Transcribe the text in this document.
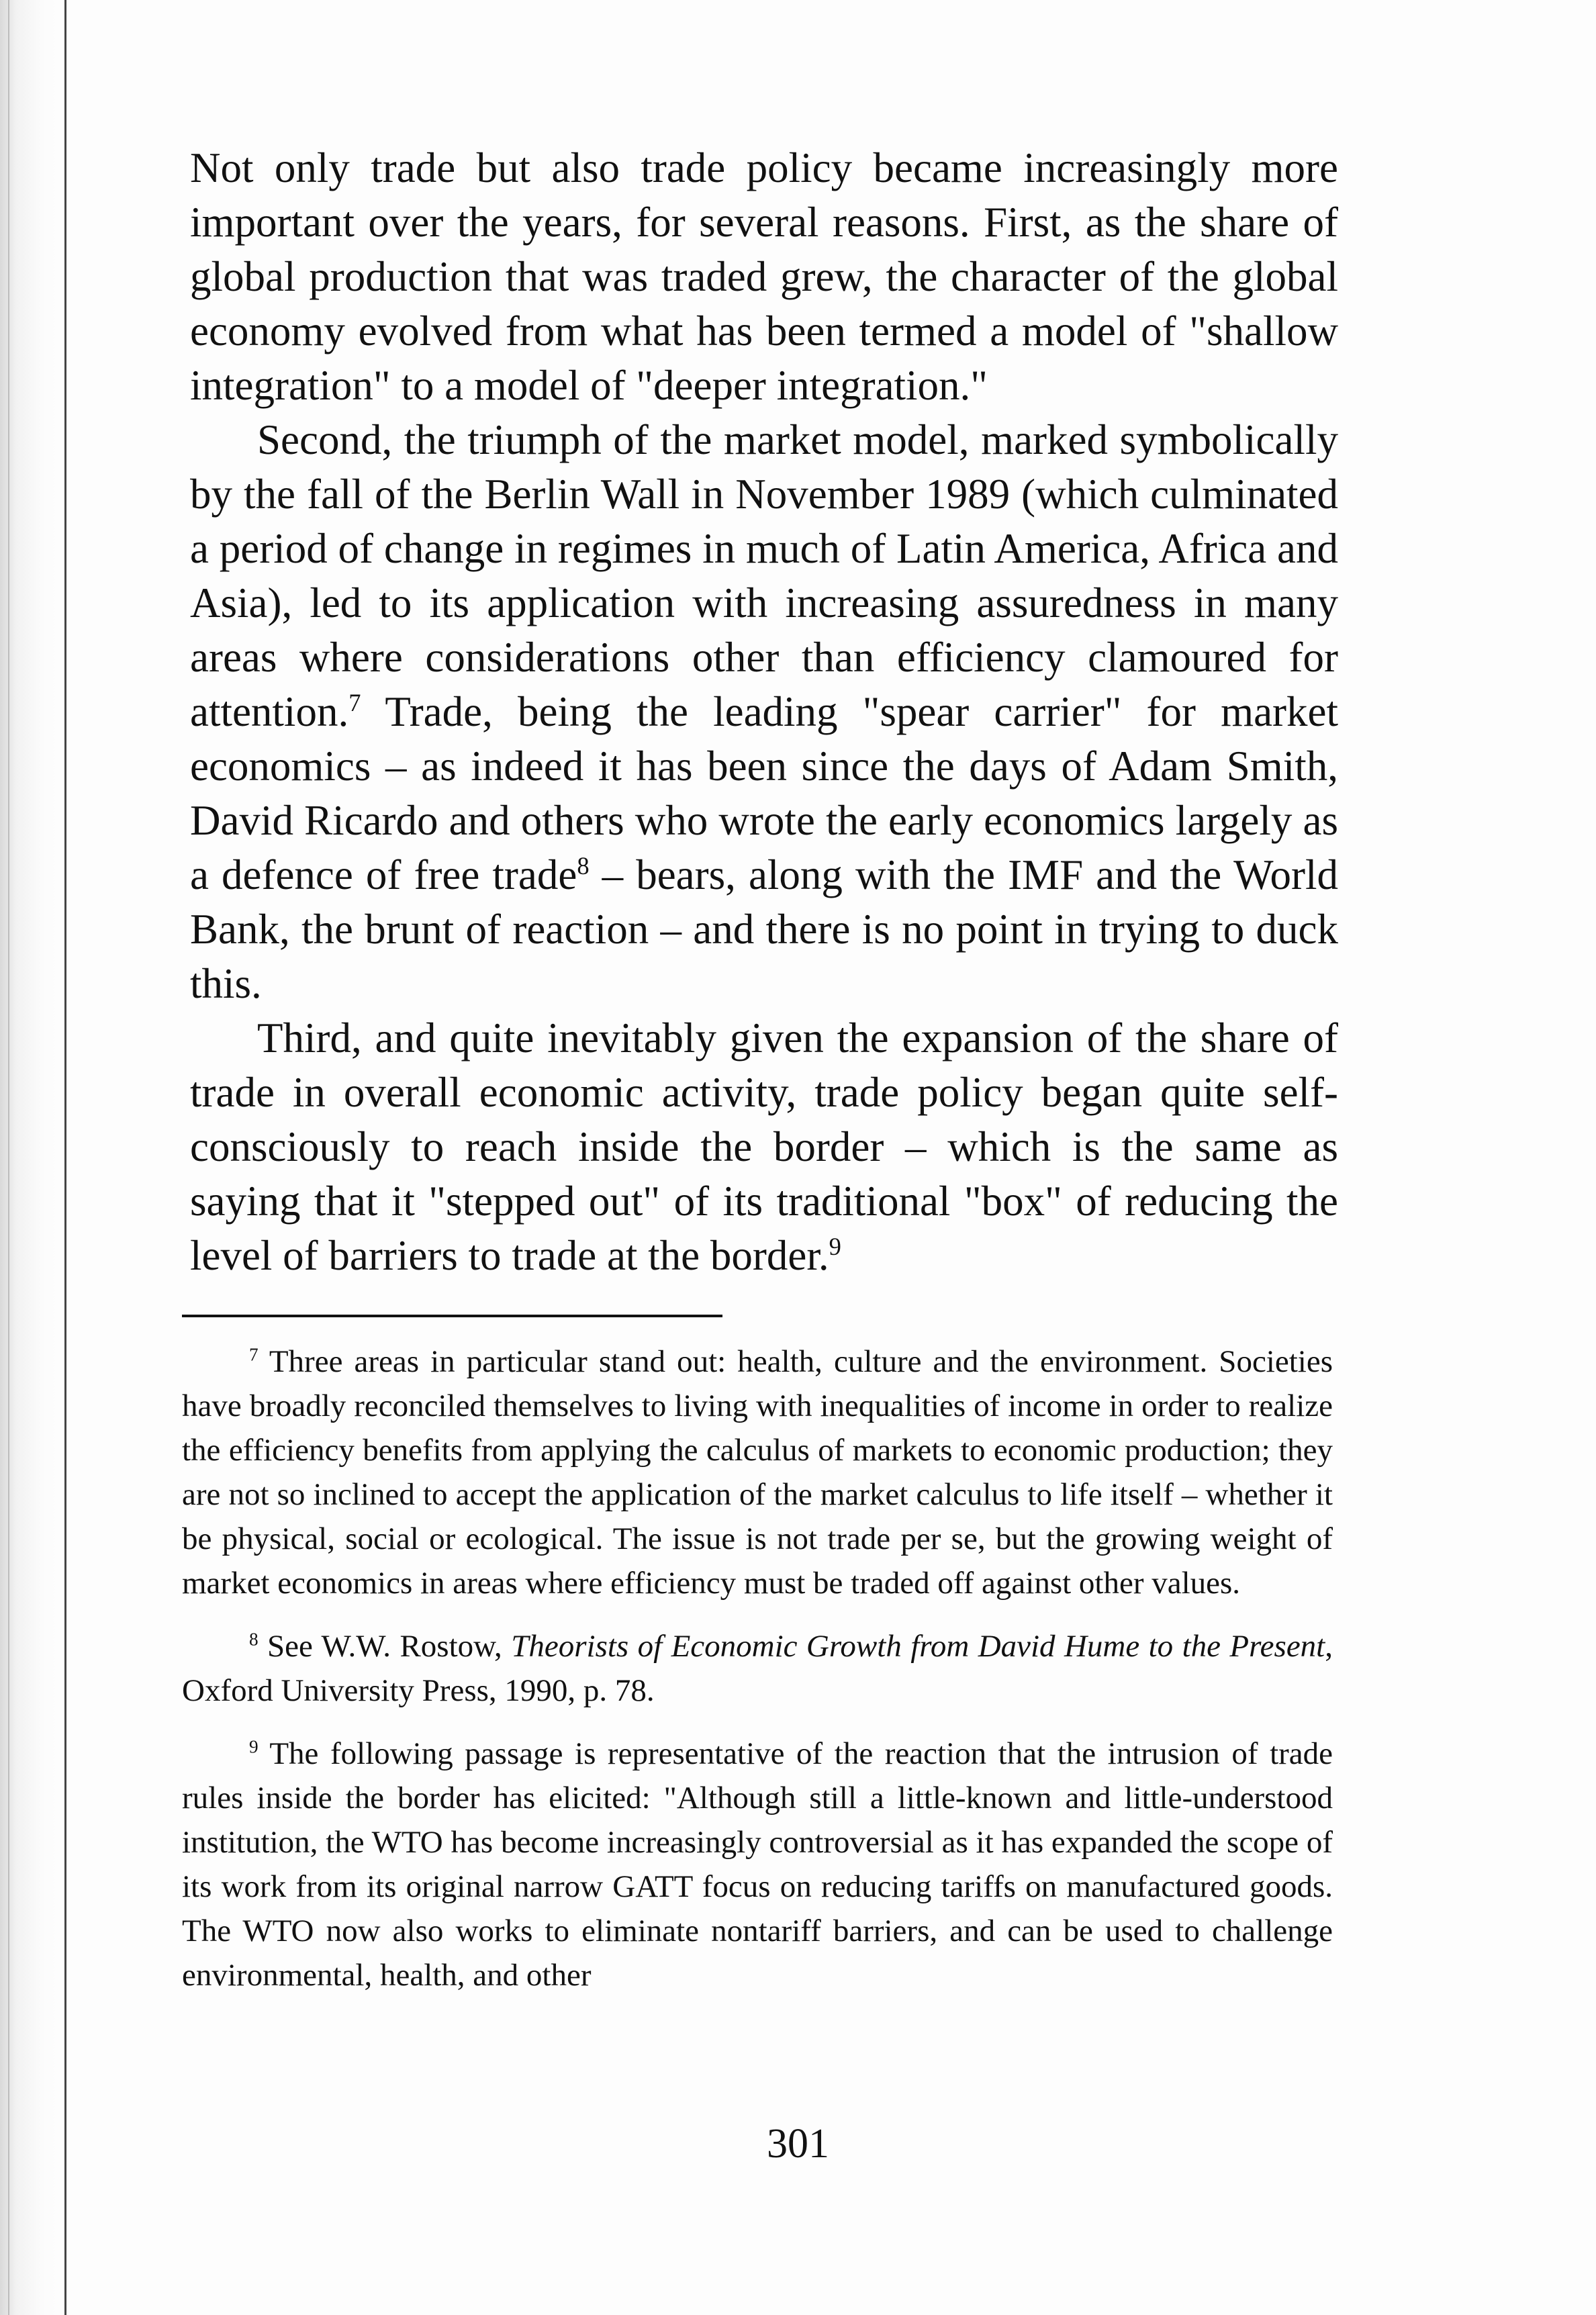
Not only trade but also trade policy became increasingly more important over the years, for several reasons. First, as the share of global production that was traded grew, the character of the global economy evolved from what has been termed a model of "shallow integration" to a model of "deeper integration."

Second, the triumph of the market model, marked symbolically by the fall of the Berlin Wall in November 1989 (which culminated a period of change in regimes in much of Latin America, Africa and Asia), led to its application with increasing assuredness in many areas where considerations other than efficiency clamoured for attention.$^7$ Trade, being the leading "spear carrier" for market economics – as indeed it has been since the days of Adam Smith, David Ricardo and others who wrote the early economics largely as a defence of free trade$^8$ – bears, along with the IMF and the World Bank, the brunt of reaction – and there is no point in trying to duck this.

Third, and quite inevitably given the expansion of the share of trade in overall economic activity, trade policy began quite self-consciously to reach inside the border – which is the same as saying that it "stepped out" of its traditional "box" of reducing the level of barriers to trade at the border.$^9$

$^7$ Three areas in particular stand out: health, culture and the environment. Societies have broadly reconciled themselves to living with inequalities of income in order to realize the efficiency benefits from applying the calculus of markets to economic production; they are not so inclined to accept the application of the market calculus to life itself – whether it be physical, social or ecological. The issue is not trade per se, but the growing weight of market economics in areas where efficiency must be traded off against other values.

$^8$ See W.W. Rostow, Theorists of Economic Growth from David Hume to the Present, Oxford University Press, 1990, p. 78.

$^9$ The following passage is representative of the reaction that the intrusion of trade rules inside the border has elicited: "Although still a little-known and little-understood institution, the WTO has become increasingly controversial as it has expanded the scope of its work from its original narrow GATT focus on reducing tariffs on manufactured goods. The WTO now also works to eliminate nontariff barriers, and can be used to challenge environmental, health, and other

301
